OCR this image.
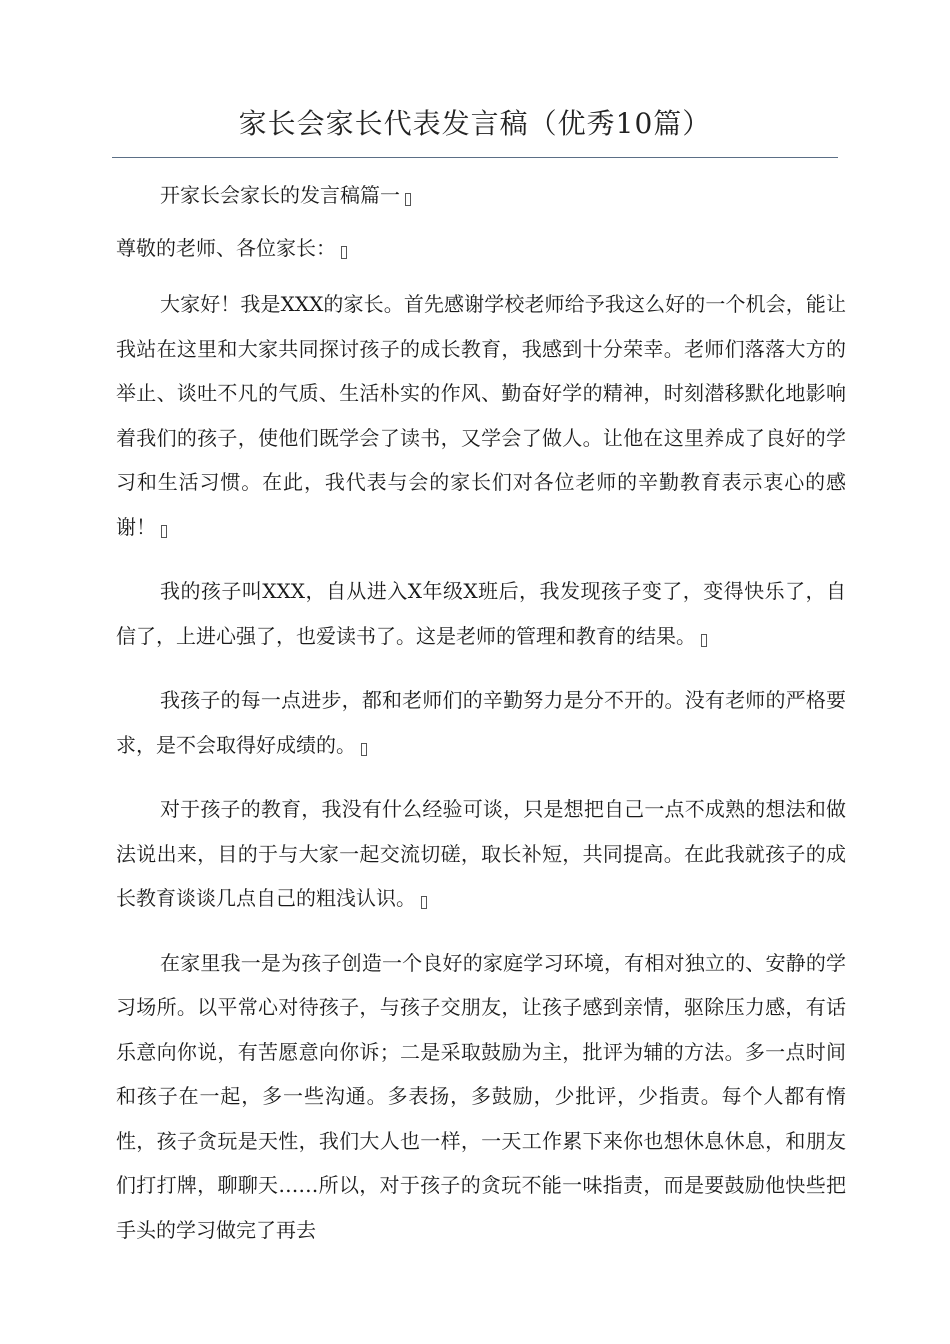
家长会家长代表发言稿（优秀10篇）

开家长会家长的发言稿篇一

尊敬的老师、各位家长：

大家好！我是XXX的家长。首先感谢学校老师给予我这么好的一个机会，能让我站在这里和大家共同探讨孩子的成长教育，我感到十分荣幸。老师们落落大方的举止、谈吐不凡的气质、生活朴实的作风、勤奋好学的精神，时刻潜移默化地影响着我们的孩子，使他们既学会了读书，又学会了做人。让他在这里养成了良好的学习和生活习惯。在此，我代表与会的家长们对各位老师的辛勤教育表示衷心的感谢！

我的孩子叫XXX，自从进入X年级X班后，我发现孩子变了，变得快乐了，自信了，上进心强了，也爱读书了。这是老师的管理和教育的结果。

我孩子的每一点进步，都和老师们的辛勤努力是分不开的。没有老师的严格要求，是不会取得好成绩的。

对于孩子的教育，我没有什么经验可谈，只是想把自己一点不成熟的想法和做法说出来，目的于与大家一起交流切磋，取长补短，共同提高。在此我就孩子的成长教育谈谈几点自己的粗浅认识。

在家里我一是为孩子创造一个良好的家庭学习环境，有相对独立的、安静的学习场所。以平常心对待孩子，与孩子交朋友，让孩子感到亲情，驱除压力感，有话乐意向你说，有苦愿意向你诉；二是采取鼓励为主，批评为辅的方法。多一点时间和孩子在一起，多一些沟通。多表扬，多鼓励，少批评，少指责。每个人都有惰性，孩子贪玩是天性，我们大人也一样，一天工作累下来你也想休息休息，和朋友们打打牌，聊聊天……所以，对于孩子的贪玩不能一味指责，而是要鼓励他快些把手头的学习做完了再去
